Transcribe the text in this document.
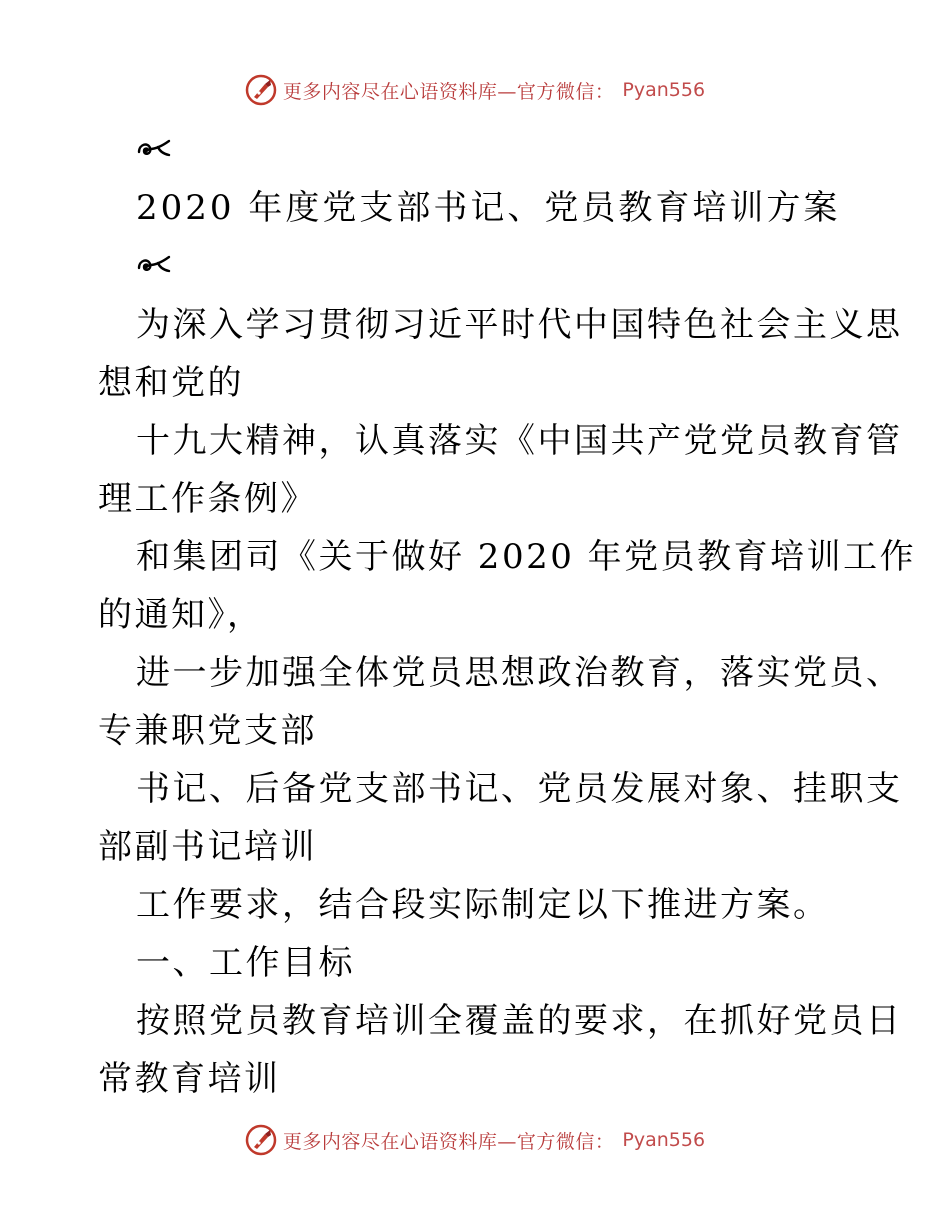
更多内容尽在心语资料库—官方微信： Pyan556
2020 年度党支部书记、党员教育培训方案
为深入学习贯彻习近平时代中国特色社会主义思
想和党的
十九大精神，认真落实《中国共产党党员教育管
理工作条例》
和集团司《关于做好 2020 年党员教育培训工作
的通知》，
进一步加强全体党员思想政治教育，落实党员、
专兼职党支部
书记、后备党支部书记、党员发展对象、挂职支
部副书记培训
工作要求，结合段实际制定以下推进方案。
一、工作目标
按照党员教育培训全覆盖的要求，在抓好党员日
常教育培训
更多内容尽在心语资料库—官方微信： Pyan556
